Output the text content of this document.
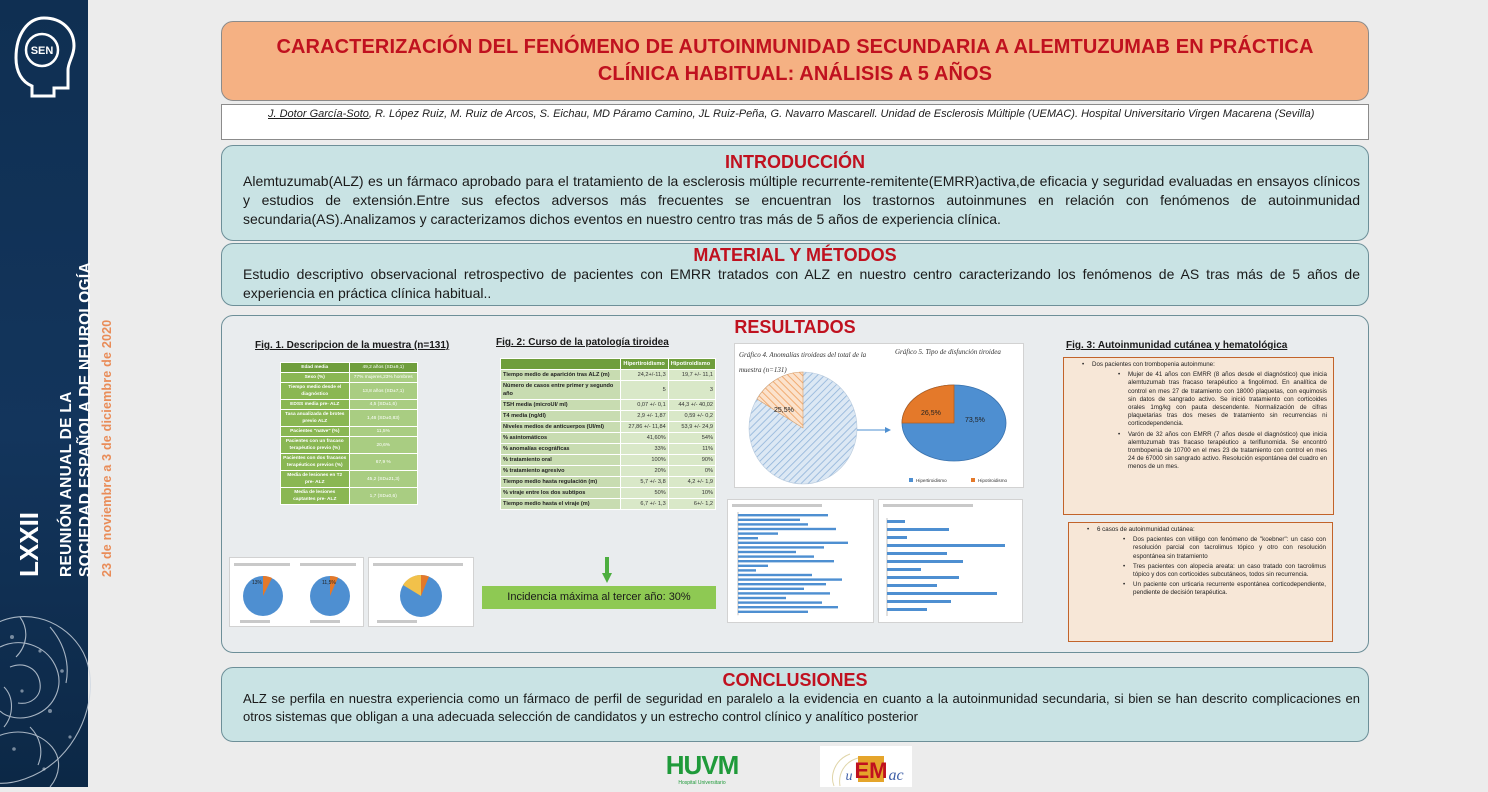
SEN
LXXII REUNIÓN ANUAL DE LA SOCIEDAD ESPAÑOLA DE NEUROLOGÍA 23 de noviembre a 3 de diciembre de 2020
CARACTERIZACIÓN DEL FENÓMENO DE AUTOINMUNIDAD SECUNDARIA A ALEMTUZUMAB EN PRÁCTICA CLÍNICA HABITUAL: ANÁLISIS A 5 AÑOS

J. Dotor García-Soto, R. López Ruiz, M. Ruiz de Arcos, S. Eichau, MD Páramo Camino, JL Ruiz-Peña, G. Navarro Mascarell. Unidad de Esclerosis Múltiple (UEMAC). Hospital Universitario Virgen Macarena (Sevilla)

INTRODUCCIÓN

Alemtuzumab(ALZ) es un fármaco aprobado para el tratamiento de la esclerosis múltiple recurrente-remitente(EMRR)activa,de eficacia y seguridad evaluadas en ensayos clínicos y estudios de extensión.Entre sus efectos adversos más frecuentes se encuentran los trastornos autoinmunes en relación con fenómenos de autoinmunidad secundaria(AS).Analizamos y caracterizamos dichos eventos en nuestro centro tras más de 5 años de experiencia clínica.

MATERIAL Y MÉTODOS

Estudio descriptivo observacional retrospectivo de pacientes con EMRR tratados con ALZ en nuestro centro caracterizando los fenómenos de AS tras más de 5 años de experiencia en práctica clínica habitual..

RESULTADOS
Fig. 1. Descripcion de la muestra (n=131)	Fig. 2: Curso de la patología tiroidea	Fig. 3: Autoinmunidad cutánea y hematológica
Edad media	49,2 años (SD±9,1)
Sexo (%)	77% mujeres,23% hombres
Tiempo medio desde el diagnóstico	13,8 años (SD±7,1)
EDSS media pre- ALZ	4,5 (SD±1,6)
Tasa anualizada de brotes previo ALZ	1,46 (SD±0,83)
Pacientes "naïve" (%)	11,5%
Pacientes con un fracaso terapéutico previo (%)	20,6%
Pacientes con dos fracasos terapéuticos previos (%)	67,9 %
Media de lesiones en T2 pre- ALZ	45,2 (SD±21,3)
Media de lesiones captantes pre- ALZ	1,7 (SD±0,6)
13%	11,5%
	Hipertiroidismo	Hipotiroidismo
Tiempo medio de aparición tras ALZ (m)	24,2+/-11,3	19,7 +/- 11,1
Número de casos entre primer y segundo año	5	3
TSH media (microUI/ ml)	0,07 +/- 0,1	44,3 +/- 40,02
T4 media (ng/dl)	2,9 +/- 1,87	0,59 +/- 0,2
Niveles medios de anticuerpos (UI/ml)	27,86 +/- 11,84	53,9 +/- 24,9
% asintomáticos	41,60%	54%
% anomalías ecográficas	33%	11%
% tratamiento oral	100%	90%
% tratamiento agresivo	20%	0%
Tiempo medio hasta regulación (m)	5,7 +/- 3,8	4,2 +/- 1,9
% viraje entre los dos subtipos	50%	10%
Tiempo medio hasta el viraje (m)	6,7 +/- 1,3	6+/- 1,2
Incidencia máxima al tercer año: 30%
Gráfico 4. Anomalías tiroideas del total de la muestra (n=131)
Gráfico 5. Tipo de disfunción tiroidea
25,5%	26,5%
73,5%
Hipertiroidismo	Hipotiroidismo
• Dos pacientes con trombopenia autoinmune:
• Mujer de 41 años con EMRR (8 años desde el diagnóstico) que inicia alemtuzumab tras fracaso terapéutico a fingolimod. En analítica de control en mes 27 de tratamiento con 18000 plaquetas, con equimosis sin datos de sangrado activo. Se inició tratamiento con corticoides orales 1mg/kg con pauta descendente. Normalización de cifras plaquetarias tras dos meses de tratamiento sin recurrencias ni corticodependencia.
• Varón de 32 años con EMRR (7 años desde el diagnóstico) que inicia alemtuzumab tras fracaso terapéutico a teriflunomida. Se encontró trombopenia de 10700 en el mes 23 de tratamiento con control en mes 24 de 67000 sin sangrado activo. Resolución espontánea del cuadro en menos de un mes.
• 6 casos de autoinmunidad cutánea:
• Dos pacientes con vitiligo con fenómeno de "koebner": un caso con resolución parcial con tacrolimus tópico y otro con resolución espontánea sin tratamiento
• Tres pacientes con alopecia areata: un caso tratado con tacrolimus tópico y dos con corticoides subcutáneos, todos sin recurrencia.
• Un paciente con urticaria recurrente espontánea corticodependiente, pendiente de decisión terapéutica.
CONCLUSIONES

ALZ se perfila en nuestra experiencia como un fármaco de perfil de seguridad en paralelo a la evidencia en cuanto a la autoinmunidad secundaria, si bien se han descrito complicaciones en otros sistemas que obligan a una adecuada selección de candidatos y un estrecho control clínico y analítico posterior

HUVM
Hospital Universitario	EM ac
u
